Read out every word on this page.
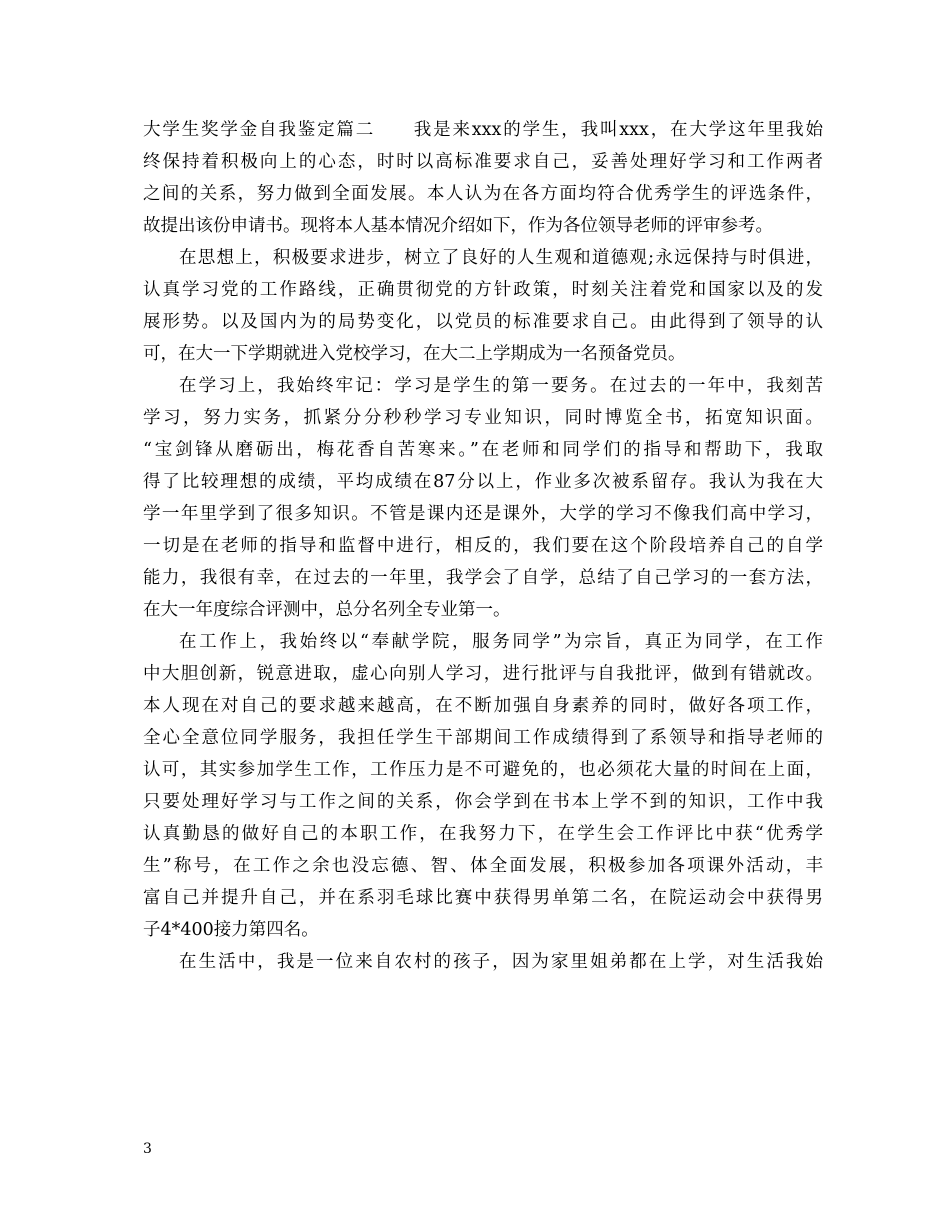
大学生奖学金自我鉴定篇二　　我是来xxx的学生，我叫xxx，在大学这年里我始
终保持着积极向上的心态，时时以高标准要求自己，妥善处理好学习和工作两者
之间的关系，努力做到全面发展。本人认为在各方面均符合优秀学生的评选条件，
故提出该份申请书。现将本人基本情况介绍如下，作为各位领导老师的评审参考。
在思想上，积极要求进步，树立了良好的人生观和道德观;永远保持与时俱进，
认真学习党的工作路线，正确贯彻党的方针政策，时刻关注着党和国家以及的发
展形势。以及国内为的局势变化，以党员的标准要求自己。由此得到了领导的认
可，在大一下学期就进入党校学习，在大二上学期成为一名预备党员。
在学习上，我始终牢记：学习是学生的第一要务。在过去的一年中，我刻苦
学习，努力实务，抓紧分分秒秒学习专业知识，同时博览全书，拓宽知识面。
“宝剑锋从磨砺出，梅花香自苦寒来。”在老师和同学们的指导和帮助下，我取
得了比较理想的成绩，平均成绩在87分以上，作业多次被系留存。我认为我在大
学一年里学到了很多知识。不管是课内还是课外，大学的学习不像我们高中学习，
一切是在老师的指导和监督中进行，相反的，我们要在这个阶段培养自己的自学
能力，我很有幸，在过去的一年里，我学会了自学，总结了自己学习的一套方法，
在大一年度综合评测中，总分名列全专业第一。
在工作上，我始终以“奉献学院，服务同学”为宗旨，真正为同学，在工作
中大胆创新，锐意进取，虚心向别人学习，进行批评与自我批评，做到有错就改。
本人现在对自己的要求越来越高，在不断加强自身素养的同时，做好各项工作，
全心全意位同学服务，我担任学生干部期间工作成绩得到了系领导和指导老师的
认可，其实参加学生工作，工作压力是不可避免的，也必须花大量的时间在上面，
只要处理好学习与工作之间的关系，你会学到在书本上学不到的知识，工作中我
认真勤恳的做好自己的本职工作，在我努力下，在学生会工作评比中获“优秀学
生”称号，在工作之余也没忘德、智、体全面发展，积极参加各项课外活动，丰
富自己并提升自己，并在系羽毛球比赛中获得男单第二名，在院运动会中获得男
子4*400接力第四名。
在生活中，我是一位来自农村的孩子，因为家里姐弟都在上学，对生活我始
3
